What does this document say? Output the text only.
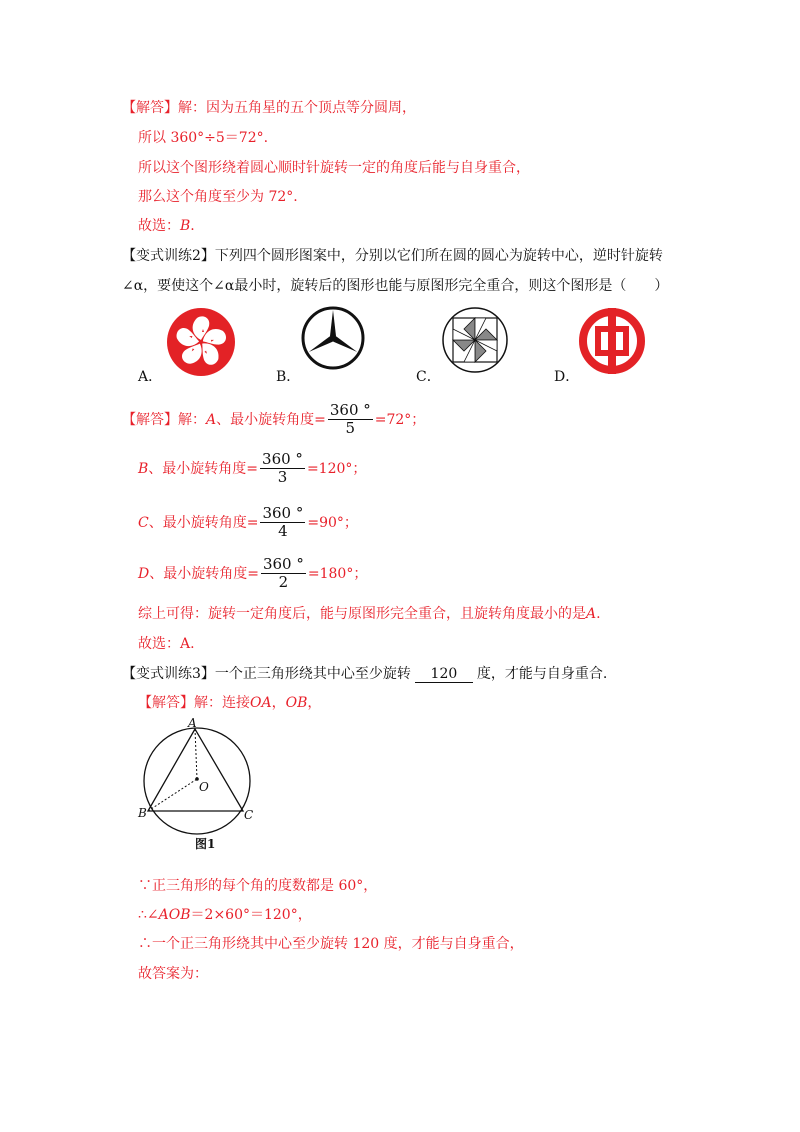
【解答】解：因为五角星的五个顶点等分圆周，
所以 360°÷5＝72°.
所以这个图形绕着圆心顺时针旋转一定的角度后能与自身重合，
那么这个角度至少为 72°.
故选：B.
【变式训练2】下列四个圆形图案中，分别以它们所在圆的圆心为旋转中心，逆时针旋转
∠α，要使这个∠α最小时，旋转后的图形也能与原图形完全重合，则这个图形是（　　）
A．	B．	C．	D．
【解答】 解： A 、最小旋转角度= $\frac{360 ^\circ}{5} =72^\circ$；
B 、最小旋转角度= $\frac{360 ^\circ}{3} =120^\circ$；
C 、最小旋转角度= $\frac{360 ^\circ}{4} =90^\circ$；
D 、最小旋转角度= $\frac{360 ^\circ}{2} =180^\circ$；
综上可得：旋转一定角度后，能与原图形完全重合，且旋转角度最小的是A.
故选：A.
【变式训练3】一个正三角形绕其中心至少旋转 120 度，才能与自身重合.
【解答】解：连接OA，OB，
A
O
B	C
图1
∵正三角形的每个角的度数都是 60°，
∴∠AOB＝2×60°＝120°，
∴一个正三角形绕其中心至少旋转 120 度，才能与自身重合，
故答案为：
